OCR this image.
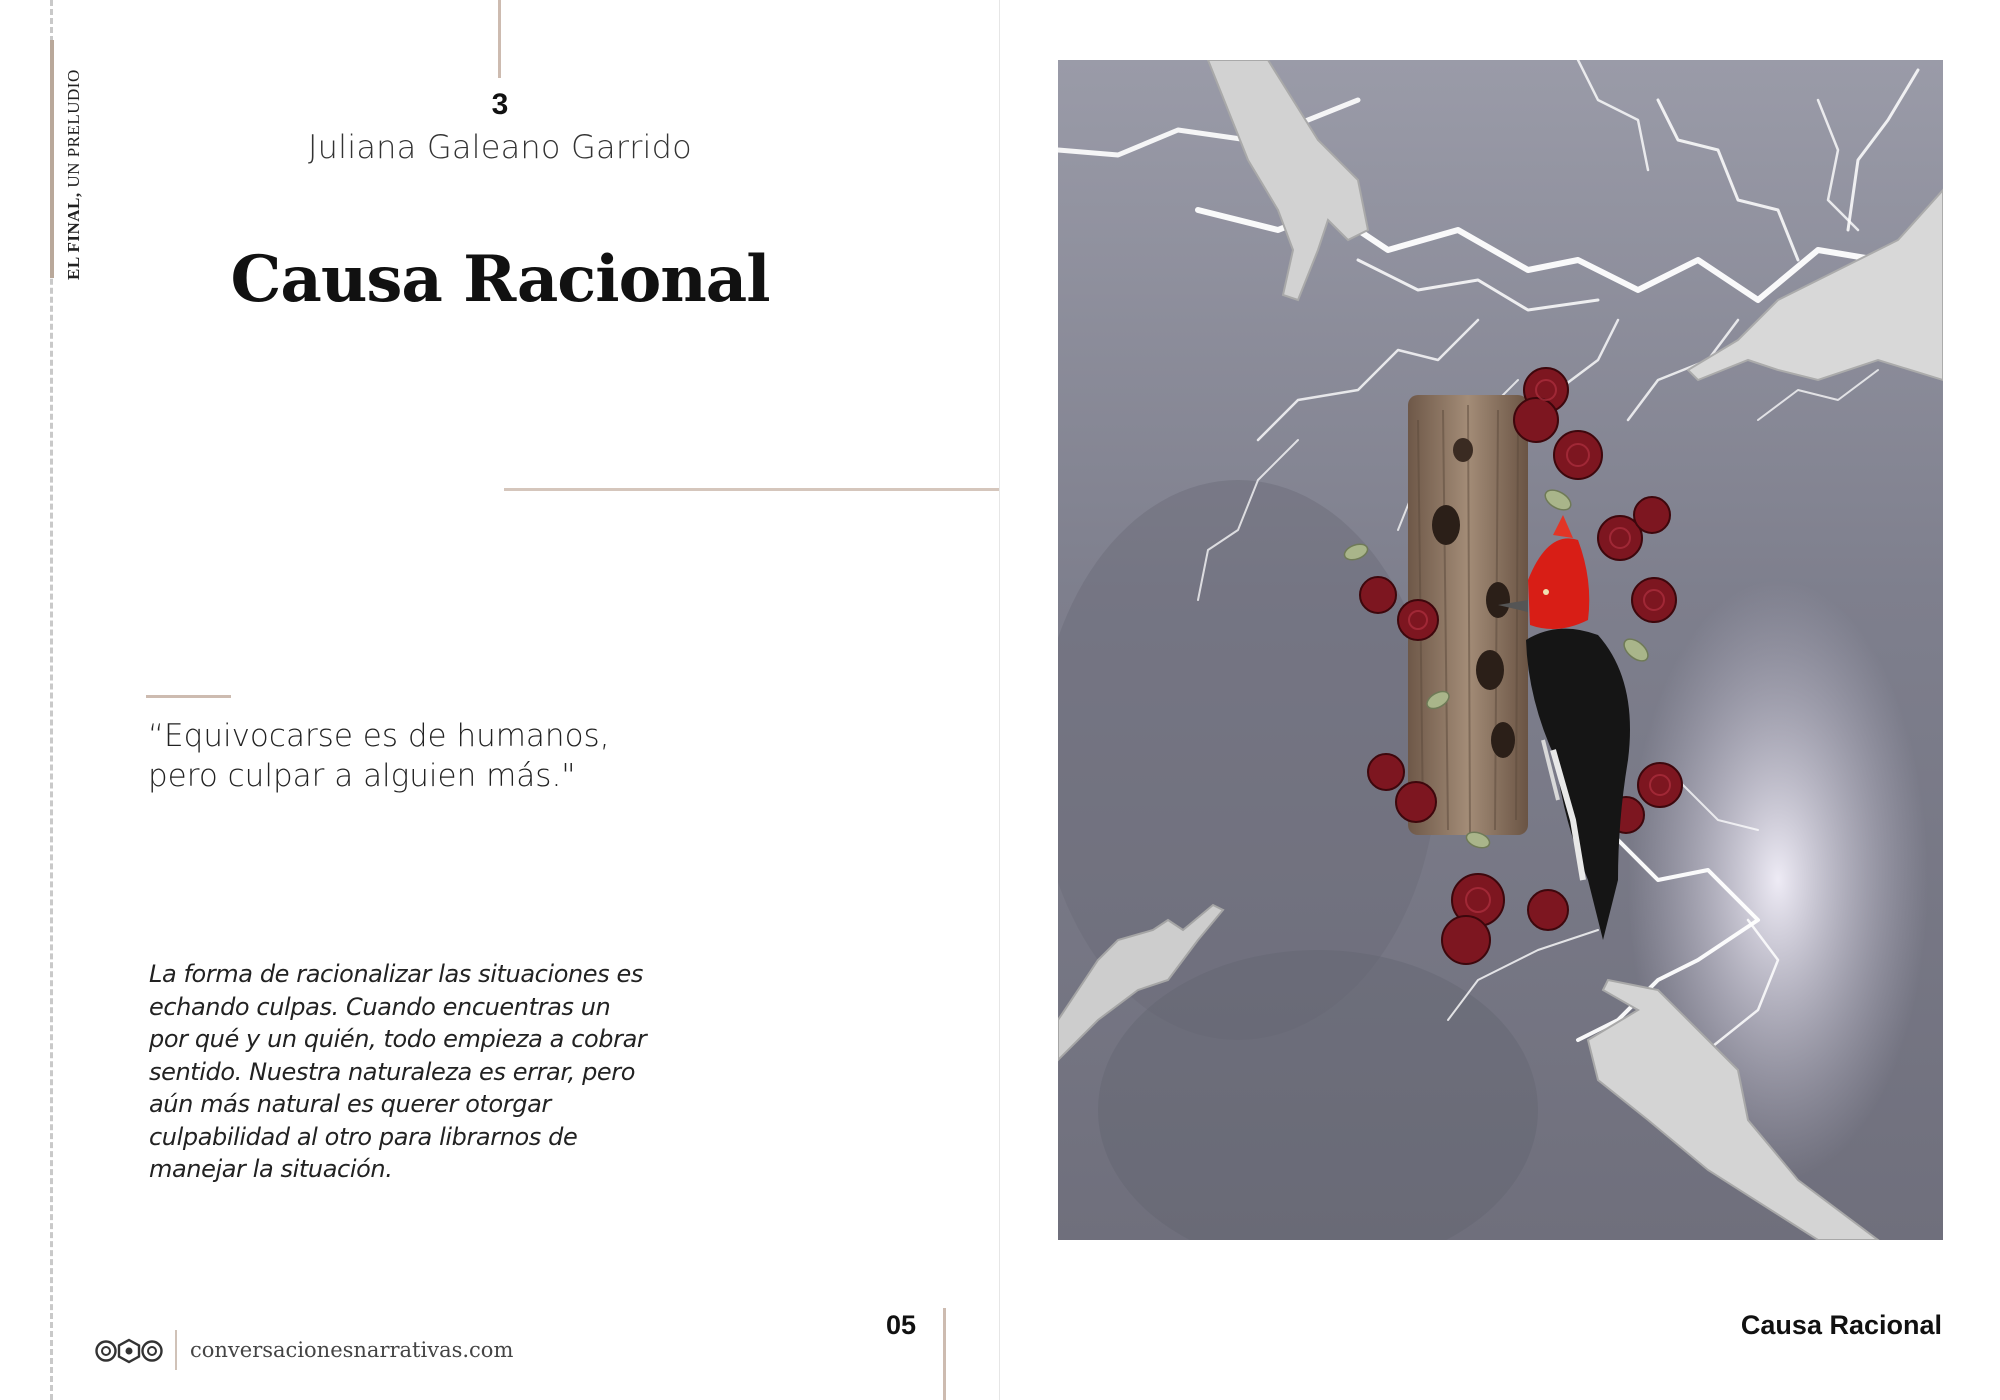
EL FINAL, UN PRELUDIO	3
Juliana Galeano Garrido
Causa Racional
“Equivocarse es de humanos,
pero culpar a alguien más."
La forma de racionalizar las situaciones es
echando culpas. Cuando encuentras un
por qué y un quién, todo empieza a cobrar
sentido. Nuestra naturaleza es errar, pero
aún más natural es querer otorgar
culpabilidad al otro para librarnos de
manejar la situación.
conversacionesnarrativas.com
05	Causa Racional
